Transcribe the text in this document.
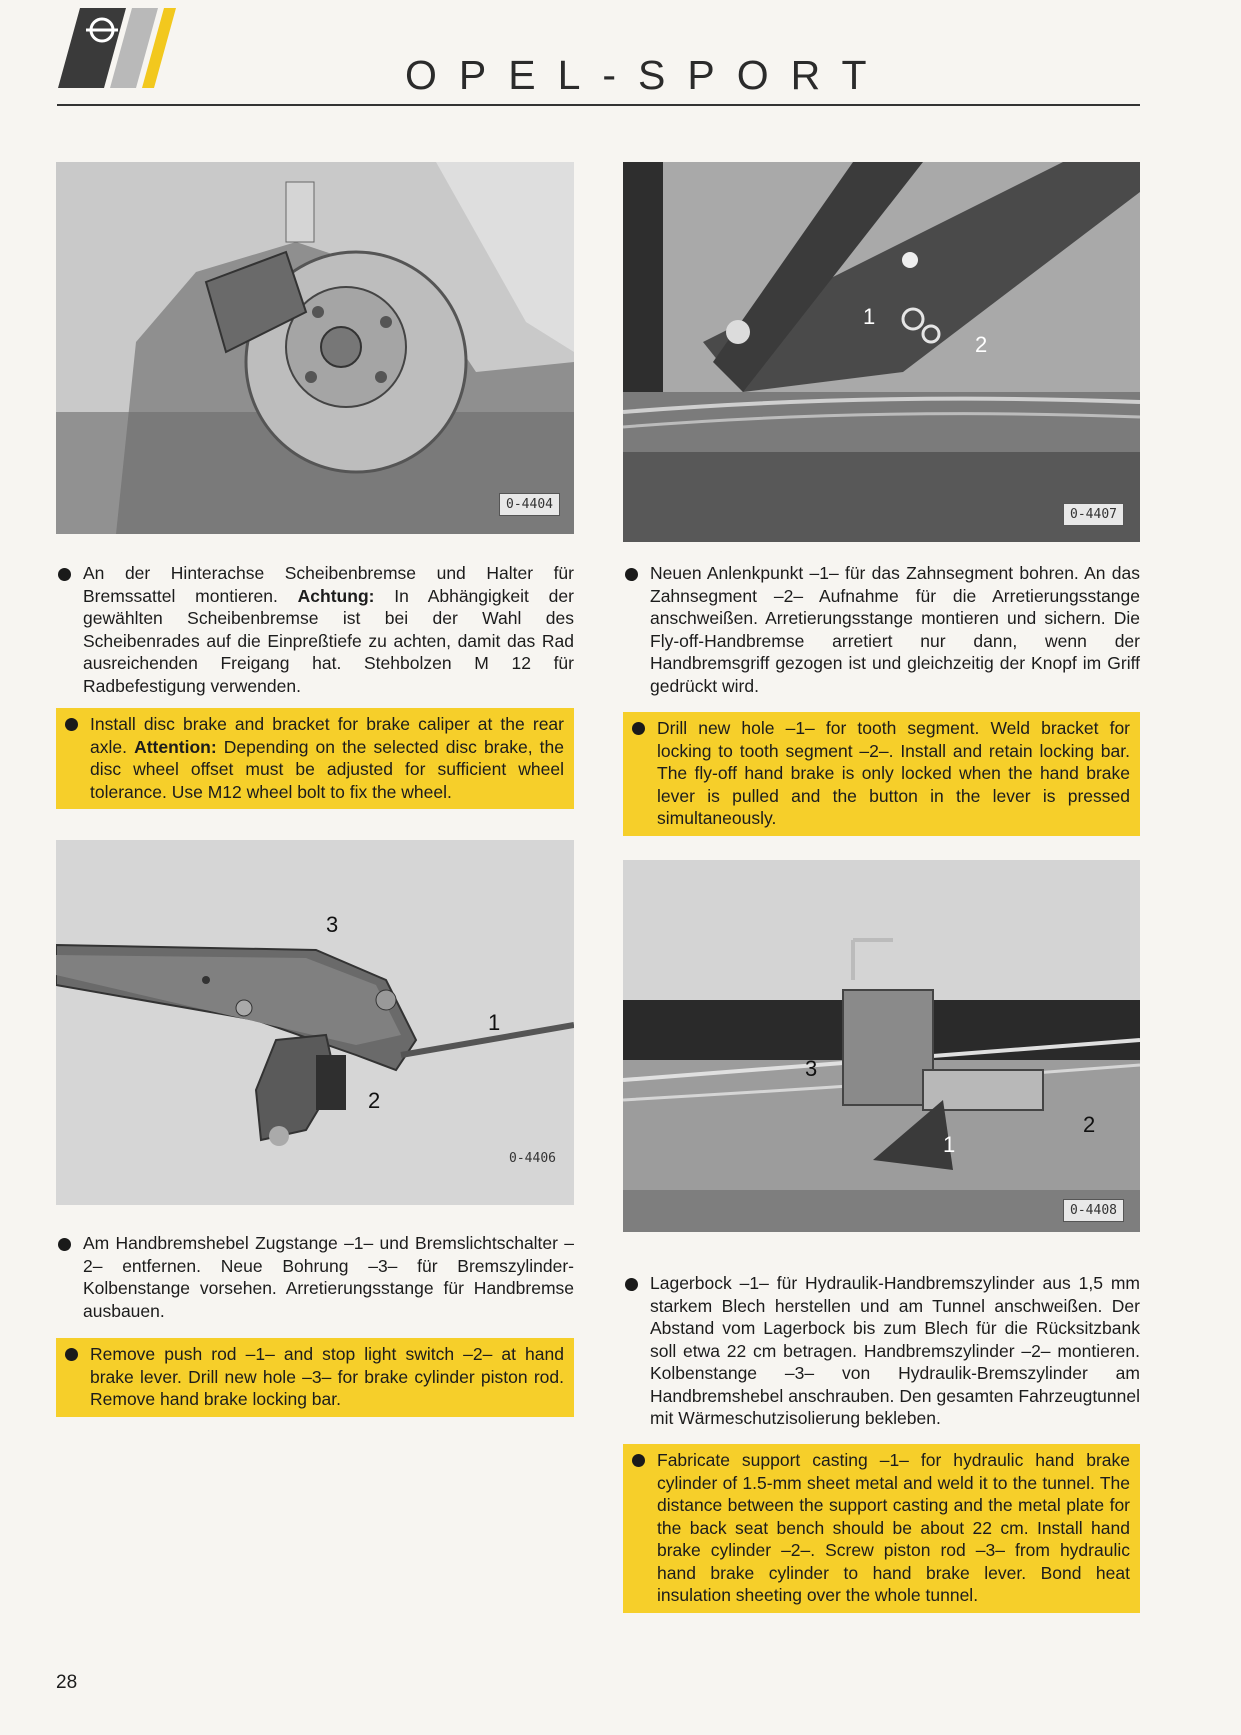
OPEL-SPORT
0-4404
1
2
0-4407
3
1
2
0-4406
3
2
1
0-4408
An der Hinterachse Scheibenbremse und Halter für Bremssattel montieren. Achtung: In Abhängigkeit der gewählten Scheibenbremse ist bei der Wahl des Scheibenrades auf die Einpreßtiefe zu achten, damit das Rad ausreichenden Freigang hat. Stehbolzen M 12 für Radbefestigung verwenden.
Install disc brake and bracket for brake caliper at the rear axle. Attention: Depending on the selected disc brake, the disc wheel offset must be adjusted for sufficient wheel tolerance. Use M12 wheel bolt to fix the wheel.
Neuen Anlenkpunkt –1– für das Zahnsegment bohren. An das Zahnsegment –2– Aufnahme für die Arretierungsstange anschweißen. Arretierungsstange montieren und sichern. Die Fly-off-Handbremse arretiert nur dann, wenn der Handbremsgriff gezogen ist und gleichzeitig der Knopf im Griff gedrückt wird.
Drill new hole –1– for tooth segment. Weld bracket for locking to tooth segment –2–. Install and retain locking bar. The fly-off hand brake is only locked when the hand brake lever is pulled and the button in the lever is pressed simultaneously.
Am Handbremshebel Zugstange –1– und Bremslichtschalter –2– entfernen. Neue Bohrung –3– für Bremszylinder-Kolbenstange vorsehen. Arretierungsstange für Handbremse ausbauen.
Remove push rod –1– and stop light switch –2– at hand brake lever. Drill new hole –3– for brake cylinder piston rod. Remove hand brake locking bar.
Lagerbock –1– für Hydraulik-Handbremszylinder aus 1,5 mm starkem Blech herstellen und am Tunnel anschweißen. Der Abstand vom Lagerbock bis zum Blech für die Rücksitzbank soll etwa 22 cm betragen. Handbremszylinder –2– montieren. Kolbenstange –3– von Hydraulik-Bremszylinder am Handbremshebel anschrauben. Den gesamten Fahrzeugtunnel mit Wärmeschutzisolierung bekleben.
Fabricate support casting –1– for hydraulic hand brake cylinder of 1.5-mm sheet metal and weld it to the tunnel. The distance between the support casting and the metal plate for the back seat bench should be about 22 cm. Install hand brake cylinder –2–. Screw piston rod –3– from hydraulic hand brake cylinder to hand brake lever. Bond heat insulation sheeting over the whole tunnel.
28
